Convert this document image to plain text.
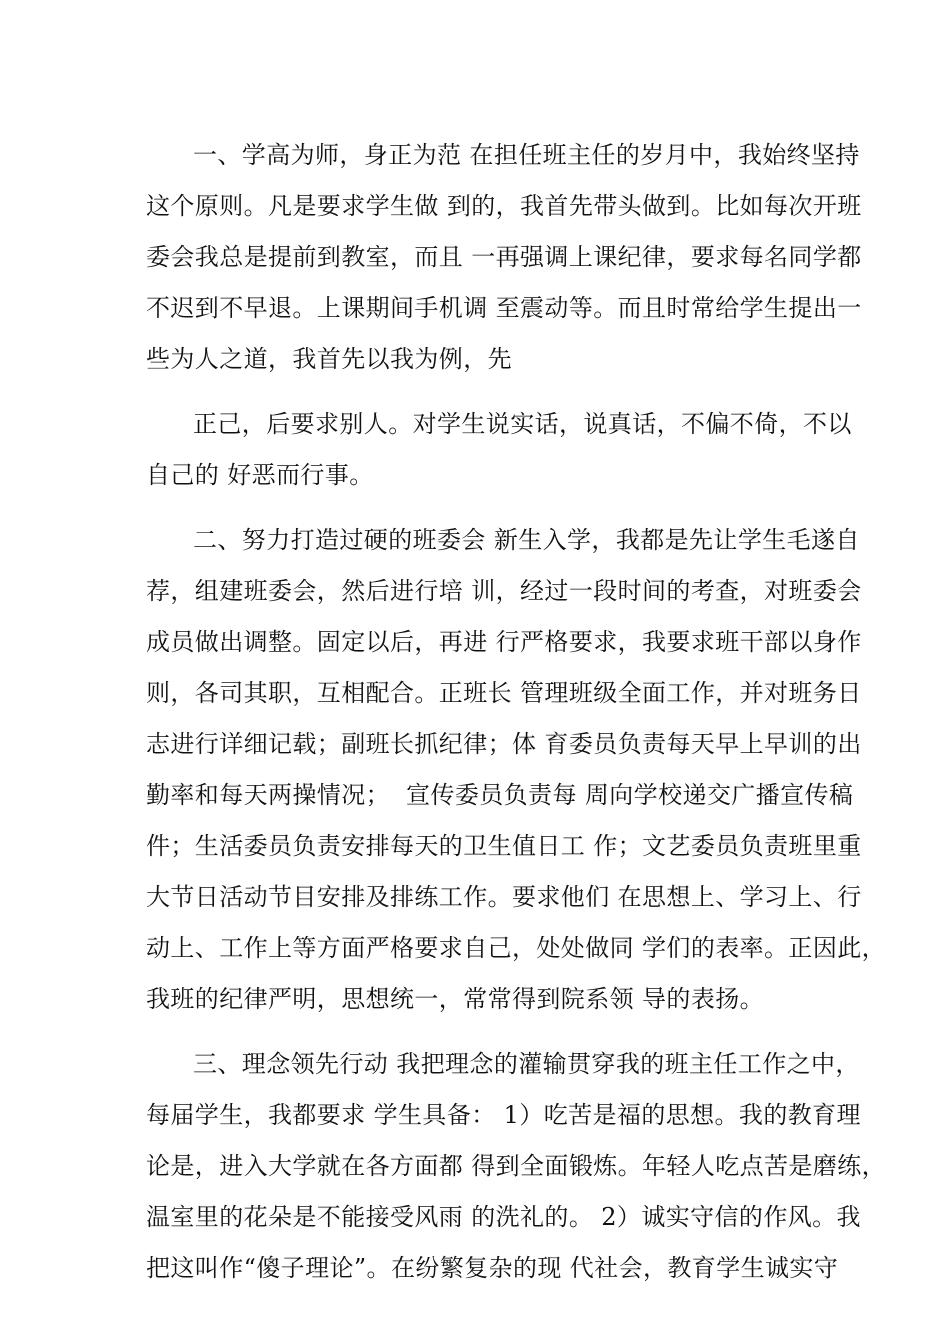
一、学高为师，身正为范 在担任班主任的岁月中，我始终坚持
这个原则。凡是要求学生做 到的，我首先带头做到。比如每次开班
委会我总是提前到教室，而且 一再强调上课纪律，要求每名同学都
不迟到不早退。上课期间手机调 至震动等。而且时常给学生提出一
些为人之道，我首先以我为例，先
正己，后要求别人。对学生说实话，说真话，不偏不倚，不以
自己的 好恶而行事。
二、努力打造过硬的班委会 新生入学，我都是先让学生毛遂自
荐，组建班委会，然后进行培 训，经过一段时间的考查，对班委会
成员做出调整。固定以后，再进 行严格要求，我要求班干部以身作
则，各司其职，互相配合。正班长 管理班级全面工作，并对班务日
志进行详细记载；副班长抓纪律；体 育委员负责每天早上早训的出
勤率和每天两操情况；  宣传委员负责每 周向学校递交广播宣传稿
件；生活委员负责安排每天的卫生值日工 作；文艺委员负责班里重
大节日活动节目安排及排练工作。要求他们 在思想上、学习上、行
动上、工作上等方面严格要求自己，处处做同 学们的表率。正因此，
我班的纪律严明，思想统一，常常得到院系领 导的表扬。
三、理念领先行动 我把理念的灌输贯穿我的班主任工作之中，
每届学生，我都要求 学生具备： 1）吃苦是福的思想。我的教育理
论是，进入大学就在各方面都 得到全面锻炼。年轻人吃点苦是磨练，
温室里的花朵是不能接受风雨 的洗礼的。 2）诚实守信的作风。我
把这叫作“傻子理论”。在纷繁复杂的现 代社会，教育学生诚实守
